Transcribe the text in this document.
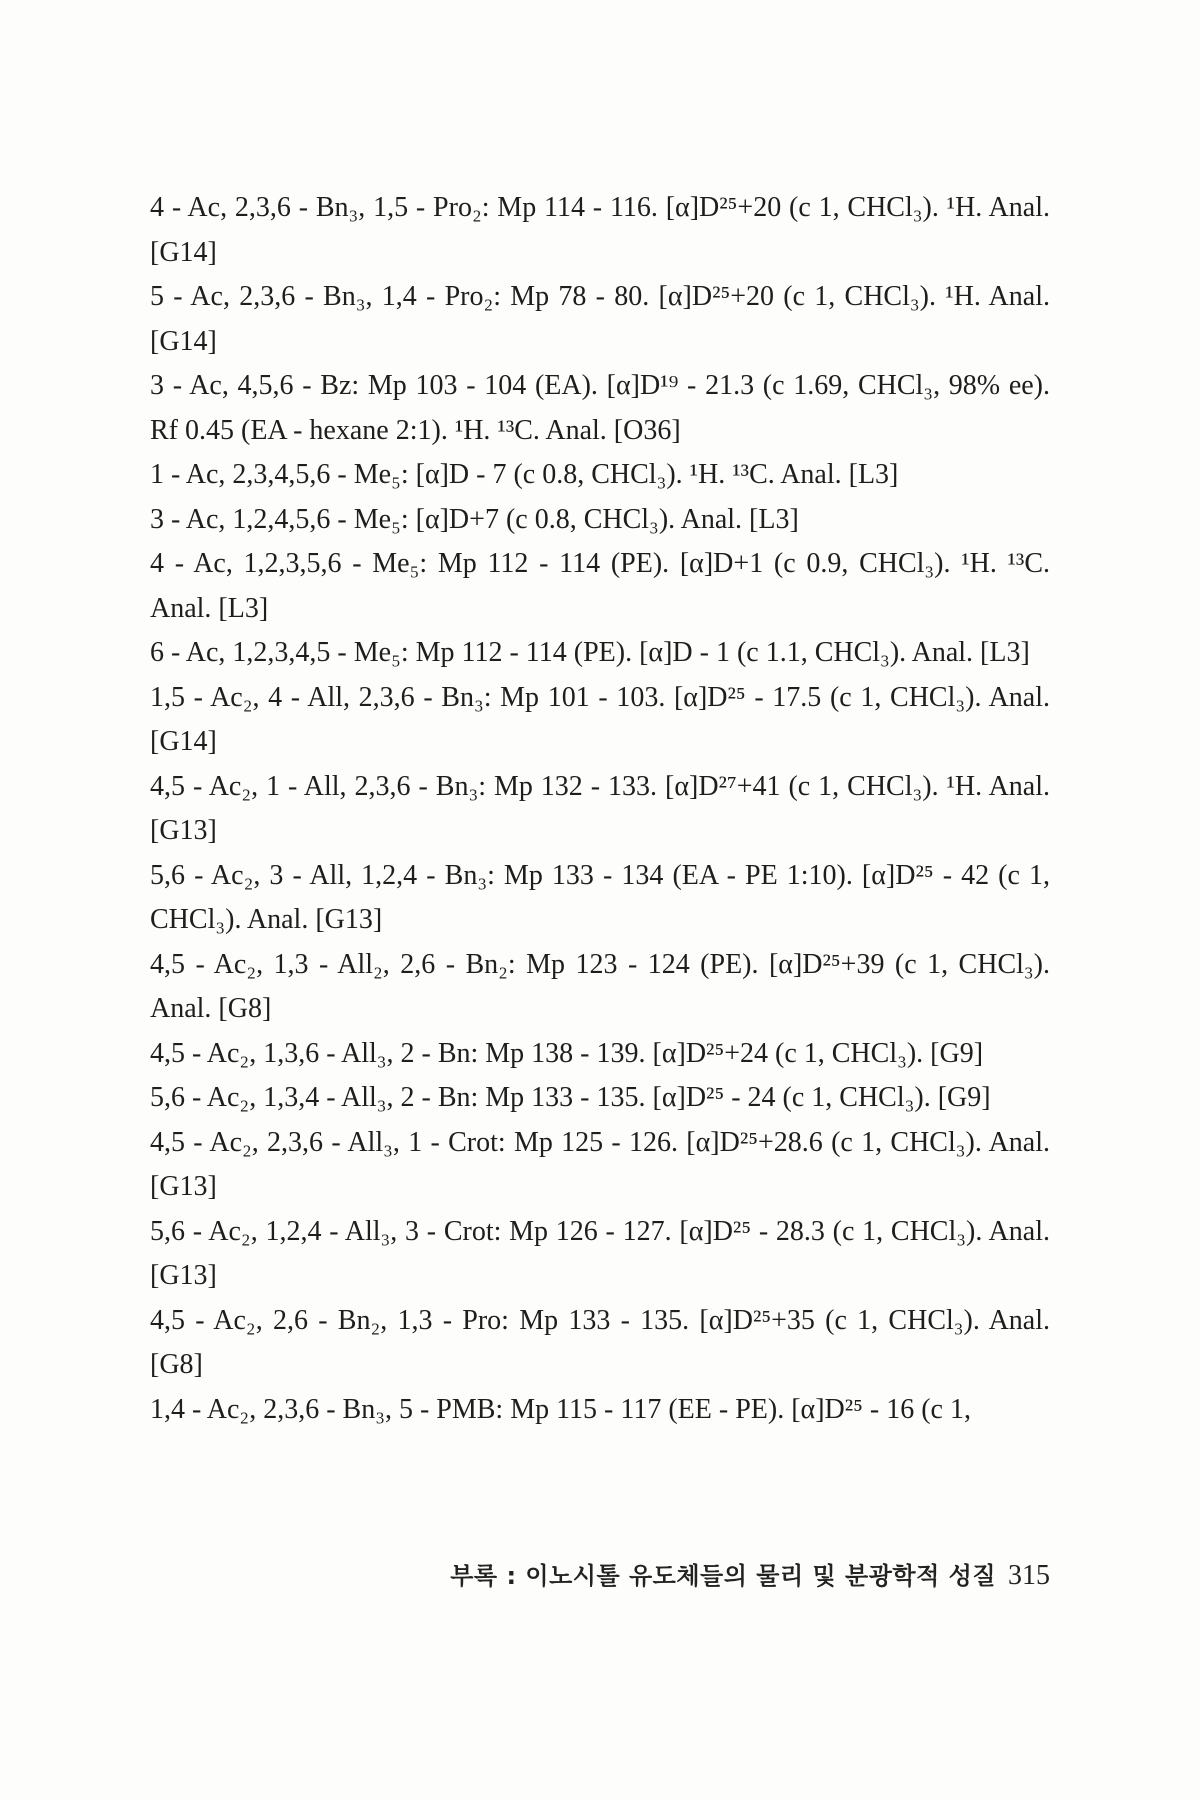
4 - Ac, 2,3,6 - Bn₃, 1,5 - Pro₂: Mp 114 - 116. [α]D²⁵+20 (c 1, CHCl₃). ¹H. Anal. [G14]

5 - Ac, 2,3,6 - Bn₃, 1,4 - Pro₂: Mp 78 - 80. [α]D²⁵+20 (c 1, CHCl₃). ¹H. Anal. [G14]

3 - Ac, 4,5,6 - Bz: Mp 103 - 104 (EA). [α]D¹⁹ - 21.3 (c 1.69, CHCl₃, 98% ee). Rf 0.45 (EA - hexane 2:1). ¹H. ¹³C. Anal. [O36]

1 - Ac, 2,3,4,5,6 - Me₅: [α]D - 7 (c 0.8, CHCl₃). ¹H. ¹³C. Anal. [L3]

3 - Ac, 1,2,4,5,6 - Me₅: [α]D+7 (c 0.8, CHCl₃). Anal. [L3]

4 - Ac, 1,2,3,5,6 - Me₅: Mp 112 - 114 (PE). [α]D+1 (c 0.9, CHCl₃). ¹H. ¹³C. Anal. [L3]

6 - Ac, 1,2,3,4,5 - Me₅: Mp 112 - 114 (PE). [α]D - 1 (c 1.1, CHCl₃). Anal. [L3]

1,5 - Ac₂, 4 - All, 2,3,6 - Bn₃: Mp 101 - 103. [α]D²⁵ - 17.5 (c 1, CHCl₃). Anal. [G14]

4,5 - Ac₂, 1 - All, 2,3,6 - Bn₃: Mp 132 - 133. [α]D²⁷+41 (c 1, CHCl₃). ¹H. Anal. [G13]

5,6 - Ac₂, 3 - All, 1,2,4 - Bn₃: Mp 133 - 134 (EA - PE 1:10). [α]D²⁵ - 42 (c 1, CHCl₃). Anal. [G13]

4,5 - Ac₂, 1,3 - All₂, 2,6 - Bn₂: Mp 123 - 124 (PE). [α]D²⁵+39 (c 1, CHCl₃). Anal. [G8]

4,5 - Ac₂, 1,3,6 - All₃, 2 - Bn: Mp 138 - 139. [α]D²⁵+24 (c 1, CHCl₃). [G9]

5,6 - Ac₂, 1,3,4 - All₃, 2 - Bn: Mp 133 - 135. [α]D²⁵ - 24 (c 1, CHCl₃). [G9]

4,5 - Ac₂, 2,3,6 - All₃, 1 - Crot: Mp 125 - 126. [α]D²⁵+28.6 (c 1, CHCl₃). Anal. [G13]

5,6 - Ac₂, 1,2,4 - All₃, 3 - Crot: Mp 126 - 127. [α]D²⁵ - 28.3 (c 1, CHCl₃). Anal. [G13]

4,5 - Ac₂, 2,6 - Bn₂, 1,3 - Pro: Mp 133 - 135. [α]D²⁵+35 (c 1, CHCl₃). Anal. [G8]

1,4 - Ac₂, 2,3,6 - Bn₃, 5 - PMB: Mp 115 - 117 (EE - PE). [α]D²⁵ - 16 (c 1,

부록 : 이노시톨 유도체들의 물리 및 분광학적 성질 315
